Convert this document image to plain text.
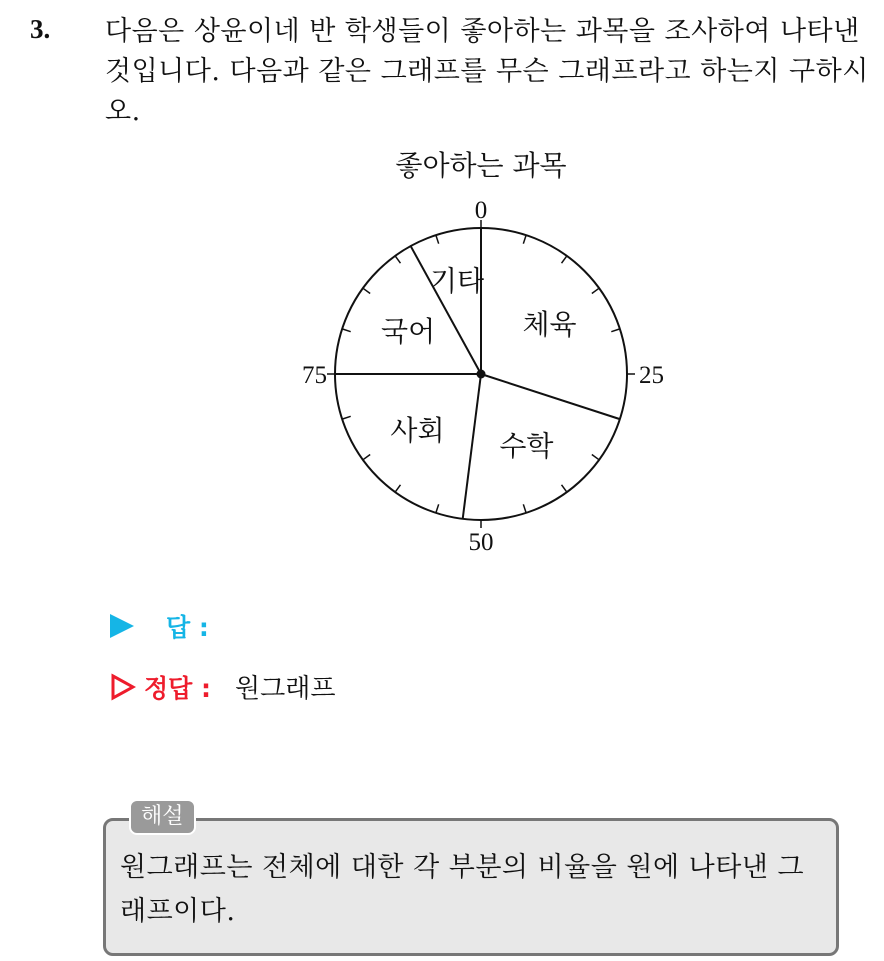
3. 다음은 상윤이네 반 학생들이 좋아하는 과목을 조사하여 나타낸 것입니다. 다음과 같은 그래프를 무슨 그래프라고 하는지 구하시오.
좋아하는 과목
0
25
50
75
체육
수학
사회
국어
기타
답 :
정답 : 원그래프
해설
원그래프는 전체에 대한 각 부분의 비율을 원에 나타낸 그래프이다.
